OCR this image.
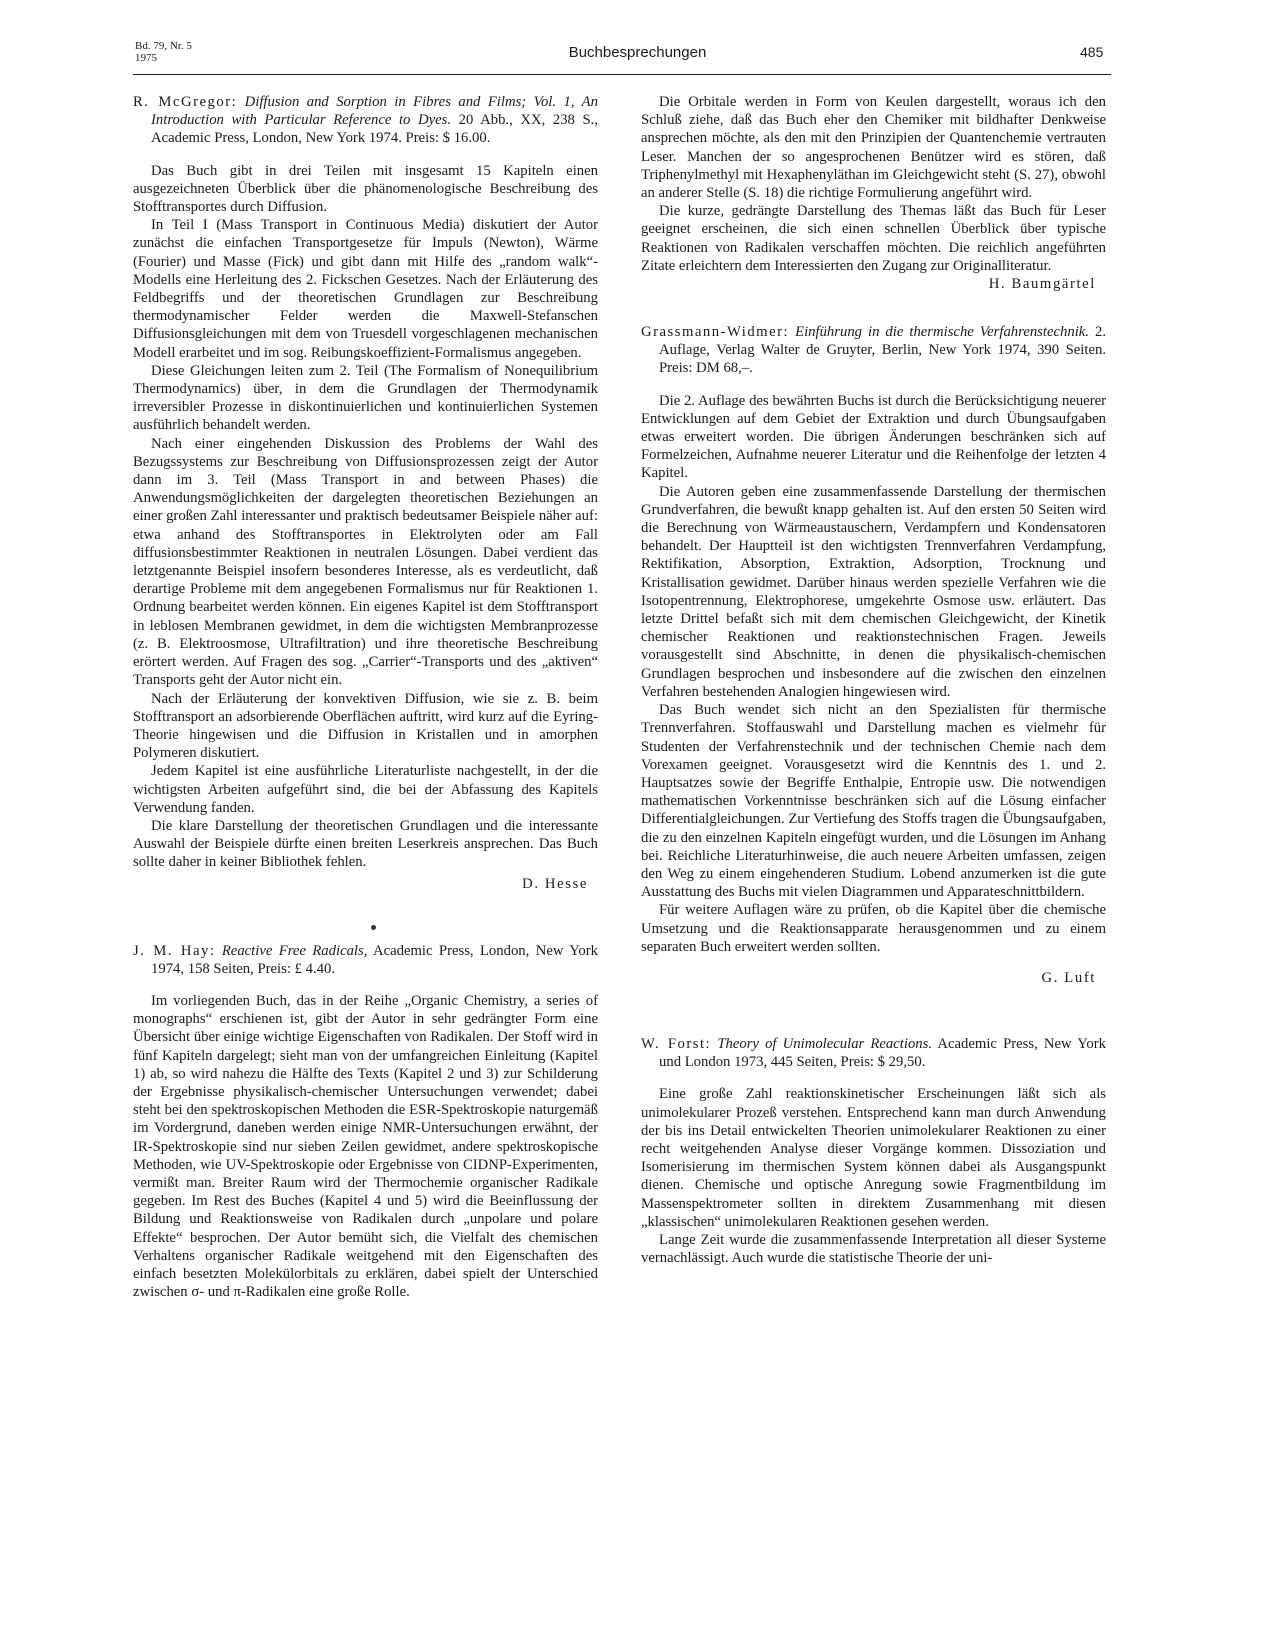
Bd. 79, Nr. 5
1975	Buchbesprechungen	485

R. McGregor: Diffusion and Sorption in Fibres and Films; Vol. 1, An Introduction with Particular Reference to Dyes. 20 Abb., XX, 238 S., Academic Press, London, New York 1974. Preis: $ 16.00.

Das Buch gibt in drei Teilen mit insgesamt 15 Kapiteln einen ausgezeichneten Überblick über die phänomenologische Beschreibung des Stofftransportes durch Diffusion.

In Teil I (Mass Transport in Continuous Media) diskutiert der Autor zunächst die einfachen Transportgesetze für Impuls (Newton), Wärme (Fourier) und Masse (Fick) und gibt dann mit Hilfe des „random walk“-Modells eine Herleitung des 2. Fickschen Gesetzes. Nach der Erläuterung des Feldbegriffs und der theoretischen Grundlagen zur Beschreibung thermodynamischer Felder werden die Maxwell-Stefanschen Diffusionsgleichungen mit dem von Truesdell vorgeschlagenen mechanischen Modell erarbeitet und im sog. Reibungskoeffizient-Formalismus angegeben.

Diese Gleichungen leiten zum 2. Teil (The Formalism of Nonequilibrium Thermodynamics) über, in dem die Grundlagen der Thermodynamik irreversibler Prozesse in diskontinuierlichen und kontinuierlichen Systemen ausführlich behandelt werden.

Nach einer eingehenden Diskussion des Problems der Wahl des Bezugssystems zur Beschreibung von Diffusionsprozessen zeigt der Autor dann im 3. Teil (Mass Transport in and between Phases) die Anwendungsmöglichkeiten der dargelegten theoretischen Beziehungen an einer großen Zahl interessanter und praktisch bedeutsamer Beispiele näher auf: etwa anhand des Stofftransportes in Elektrolyten oder am Fall diffusionsbestimmter Reaktionen in neutralen Lösungen. Dabei verdient das letztgenannte Beispiel insofern besonderes Interesse, als es verdeutlicht, daß derartige Probleme mit dem angegebenen Formalismus nur für Reaktionen 1. Ordnung bearbeitet werden können. Ein eigenes Kapitel ist dem Stofftransport in leblosen Membranen gewidmet, in dem die wichtigsten Membranprozesse (z. B. Elektroosmose, Ultrafiltration) und ihre theoretische Beschreibung erörtert werden. Auf Fragen des sog. „Carrier“-Transports und des „aktiven“ Transports geht der Autor nicht ein.

Nach der Erläuterung der konvektiven Diffusion, wie sie z. B. beim Stofftransport an adsorbierende Oberflächen auftritt, wird kurz auf die Eyring-Theorie hingewisen und die Diffusion in Kristallen und in amorphen Polymeren diskutiert.

Jedem Kapitel ist eine ausführliche Literaturliste nachgestellt, in der die wichtigsten Arbeiten aufgeführt sind, die bei der Abfassung des Kapitels Verwendung fanden.

Die klare Darstellung der theoretischen Grundlagen und die interessante Auswahl der Beispiele dürfte einen breiten Leserkreis ansprechen. Das Buch sollte daher in keiner Bibliothek fehlen.

D. Hesse

J. M. Hay: Reactive Free Radicals, Academic Press, London, New York 1974, 158 Seiten, Preis: £ 4.40.

Im vorliegenden Buch, das in der Reihe „Organic Chemistry, a series of monographs“ erschienen ist, gibt der Autor in sehr gedrängter Form eine Übersicht über einige wichtige Eigenschaften von Radikalen. Der Stoff wird in fünf Kapiteln dargelegt; sieht man von der umfangreichen Einleitung (Kapitel 1) ab, so wird nahezu die Hälfte des Texts (Kapitel 2 und 3) zur Schilderung der Ergebnisse physikalisch-chemischer Untersuchungen verwendet; dabei steht bei den spektroskopischen Methoden die ESR-Spektroskopie naturgemäß im Vordergrund, daneben werden einige NMR-Untersuchungen erwähnt, der IR-Spektroskopie sind nur sieben Zeilen gewidmet, andere spektroskopische Methoden, wie UV-Spektroskopie oder Ergebnisse von CIDNP-Experimenten, vermißt man. Breiter Raum wird der Thermochemie organischer Radikale gegeben. Im Rest des Buches (Kapitel 4 und 5) wird die Beeinflussung der Bildung und Reaktionsweise von Radikalen durch „unpolare und polare Effekte“ besprochen. Der Autor bemüht sich, die Vielfalt des chemischen Verhaltens organischer Radikale weitgehend mit den Eigenschaften des einfach besetzten Molekülorbitals zu erklären, dabei spielt der Unterschied zwischen σ- und π-Radikalen eine große Rolle.

Die Orbitale werden in Form von Keulen dargestellt, woraus ich den Schluß ziehe, daß das Buch eher den Chemiker mit bildhafter Denkweise ansprechen möchte, als den mit den Prinzipien der Quantenchemie vertrauten Leser. Manchen der so angesprochenen Benützer wird es stören, daß Triphenylmethyl mit Hexaphenyläthan im Gleichgewicht steht (S. 27), obwohl an anderer Stelle (S. 18) die richtige Formulierung angeführt wird.

Die kurze, gedrängte Darstellung des Themas läßt das Buch für Leser geeignet erscheinen, die sich einen schnellen Überblick über typische Reaktionen von Radikalen verschaffen möchten. Die reichlich angeführten Zitate erleichtern dem Interessierten den Zugang zur Originalliteratur.
H. Baumgärtel

Grassmann-Widmer: Einführung in die thermische Verfahrenstechnik. 2. Auflage, Verlag Walter de Gruyter, Berlin, New York 1974, 390 Seiten. Preis: DM 68,–.

Die 2. Auflage des bewährten Buchs ist durch die Berücksichtigung neuerer Entwicklungen auf dem Gebiet der Extraktion und durch Übungsaufgaben etwas erweitert worden. Die übrigen Änderungen beschränken sich auf Formelzeichen, Aufnahme neuerer Literatur und die Reihenfolge der letzten 4 Kapitel.

Die Autoren geben eine zusammenfassende Darstellung der thermischen Grundverfahren, die bewußt knapp gehalten ist. Auf den ersten 50 Seiten wird die Berechnung von Wärmeaustauschern, Verdampfern und Kondensatoren behandelt. Der Hauptteil ist den wichtigsten Trennverfahren Verdampfung, Rektifikation, Absorption, Extraktion, Adsorption, Trocknung und Kristallisation gewidmet. Darüber hinaus werden spezielle Verfahren wie die Isotopentrennung, Elektrophorese, umgekehrte Osmose usw. erläutert. Das letzte Drittel befaßt sich mit dem chemischen Gleichgewicht, der Kinetik chemischer Reaktionen und reaktionstechnischen Fragen. Jeweils vorausgestellt sind Abschnitte, in denen die physikalisch-chemischen Grundlagen besprochen und insbesondere auf die zwischen den einzelnen Verfahren bestehenden Analogien hingewiesen wird.

Das Buch wendet sich nicht an den Spezialisten für thermische Trennverfahren. Stoffauswahl und Darstellung machen es vielmehr für Studenten der Verfahrenstechnik und der technischen Chemie nach dem Vorexamen geeignet. Vorausgesetzt wird die Kenntnis des 1. und 2. Hauptsatzes sowie der Begriffe Enthalpie, Entropie usw. Die notwendigen mathematischen Vorkenntnisse beschränken sich auf die Lösung einfacher Differentialgleichungen. Zur Vertiefung des Stoffs tragen die Übungsaufgaben, die zu den einzelnen Kapiteln eingefügt wurden, und die Lösungen im Anhang bei. Reichliche Literaturhinweise, die auch neuere Arbeiten umfassen, zeigen den Weg zu einem eingehenderen Studium. Lobend anzumerken ist die gute Ausstattung des Buchs mit vielen Diagrammen und Apparateschnittbildern.

Für weitere Auflagen wäre zu prüfen, ob die Kapitel über die chemische Umsetzung und die Reaktionsapparate herausgenommen und zu einem separaten Buch erweitert werden sollten.

G. Luft

W. Forst: Theory of Unimolecular Reactions. Academic Press, New York und London 1973, 445 Seiten, Preis: $ 29,50.

Eine große Zahl reaktionskinetischer Erscheinungen läßt sich als unimolekularer Prozeß verstehen. Entsprechend kann man durch Anwendung der bis ins Detail entwickelten Theorien unimolekularer Reaktionen zu einer recht weitgehenden Analyse dieser Vorgänge kommen. Dissoziation und Isomerisierung im thermischen System können dabei als Ausgangspunkt dienen. Chemische und optische Anregung sowie Fragmentbildung im Massenspektrometer sollten in direktem Zusammenhang mit diesen „klassischen“ unimolekularen Reaktionen gesehen werden.

Lange Zeit wurde die zusammenfassende Interpretation all dieser Systeme vernachlässigt. Auch wurde die statistische Theorie der uni-
